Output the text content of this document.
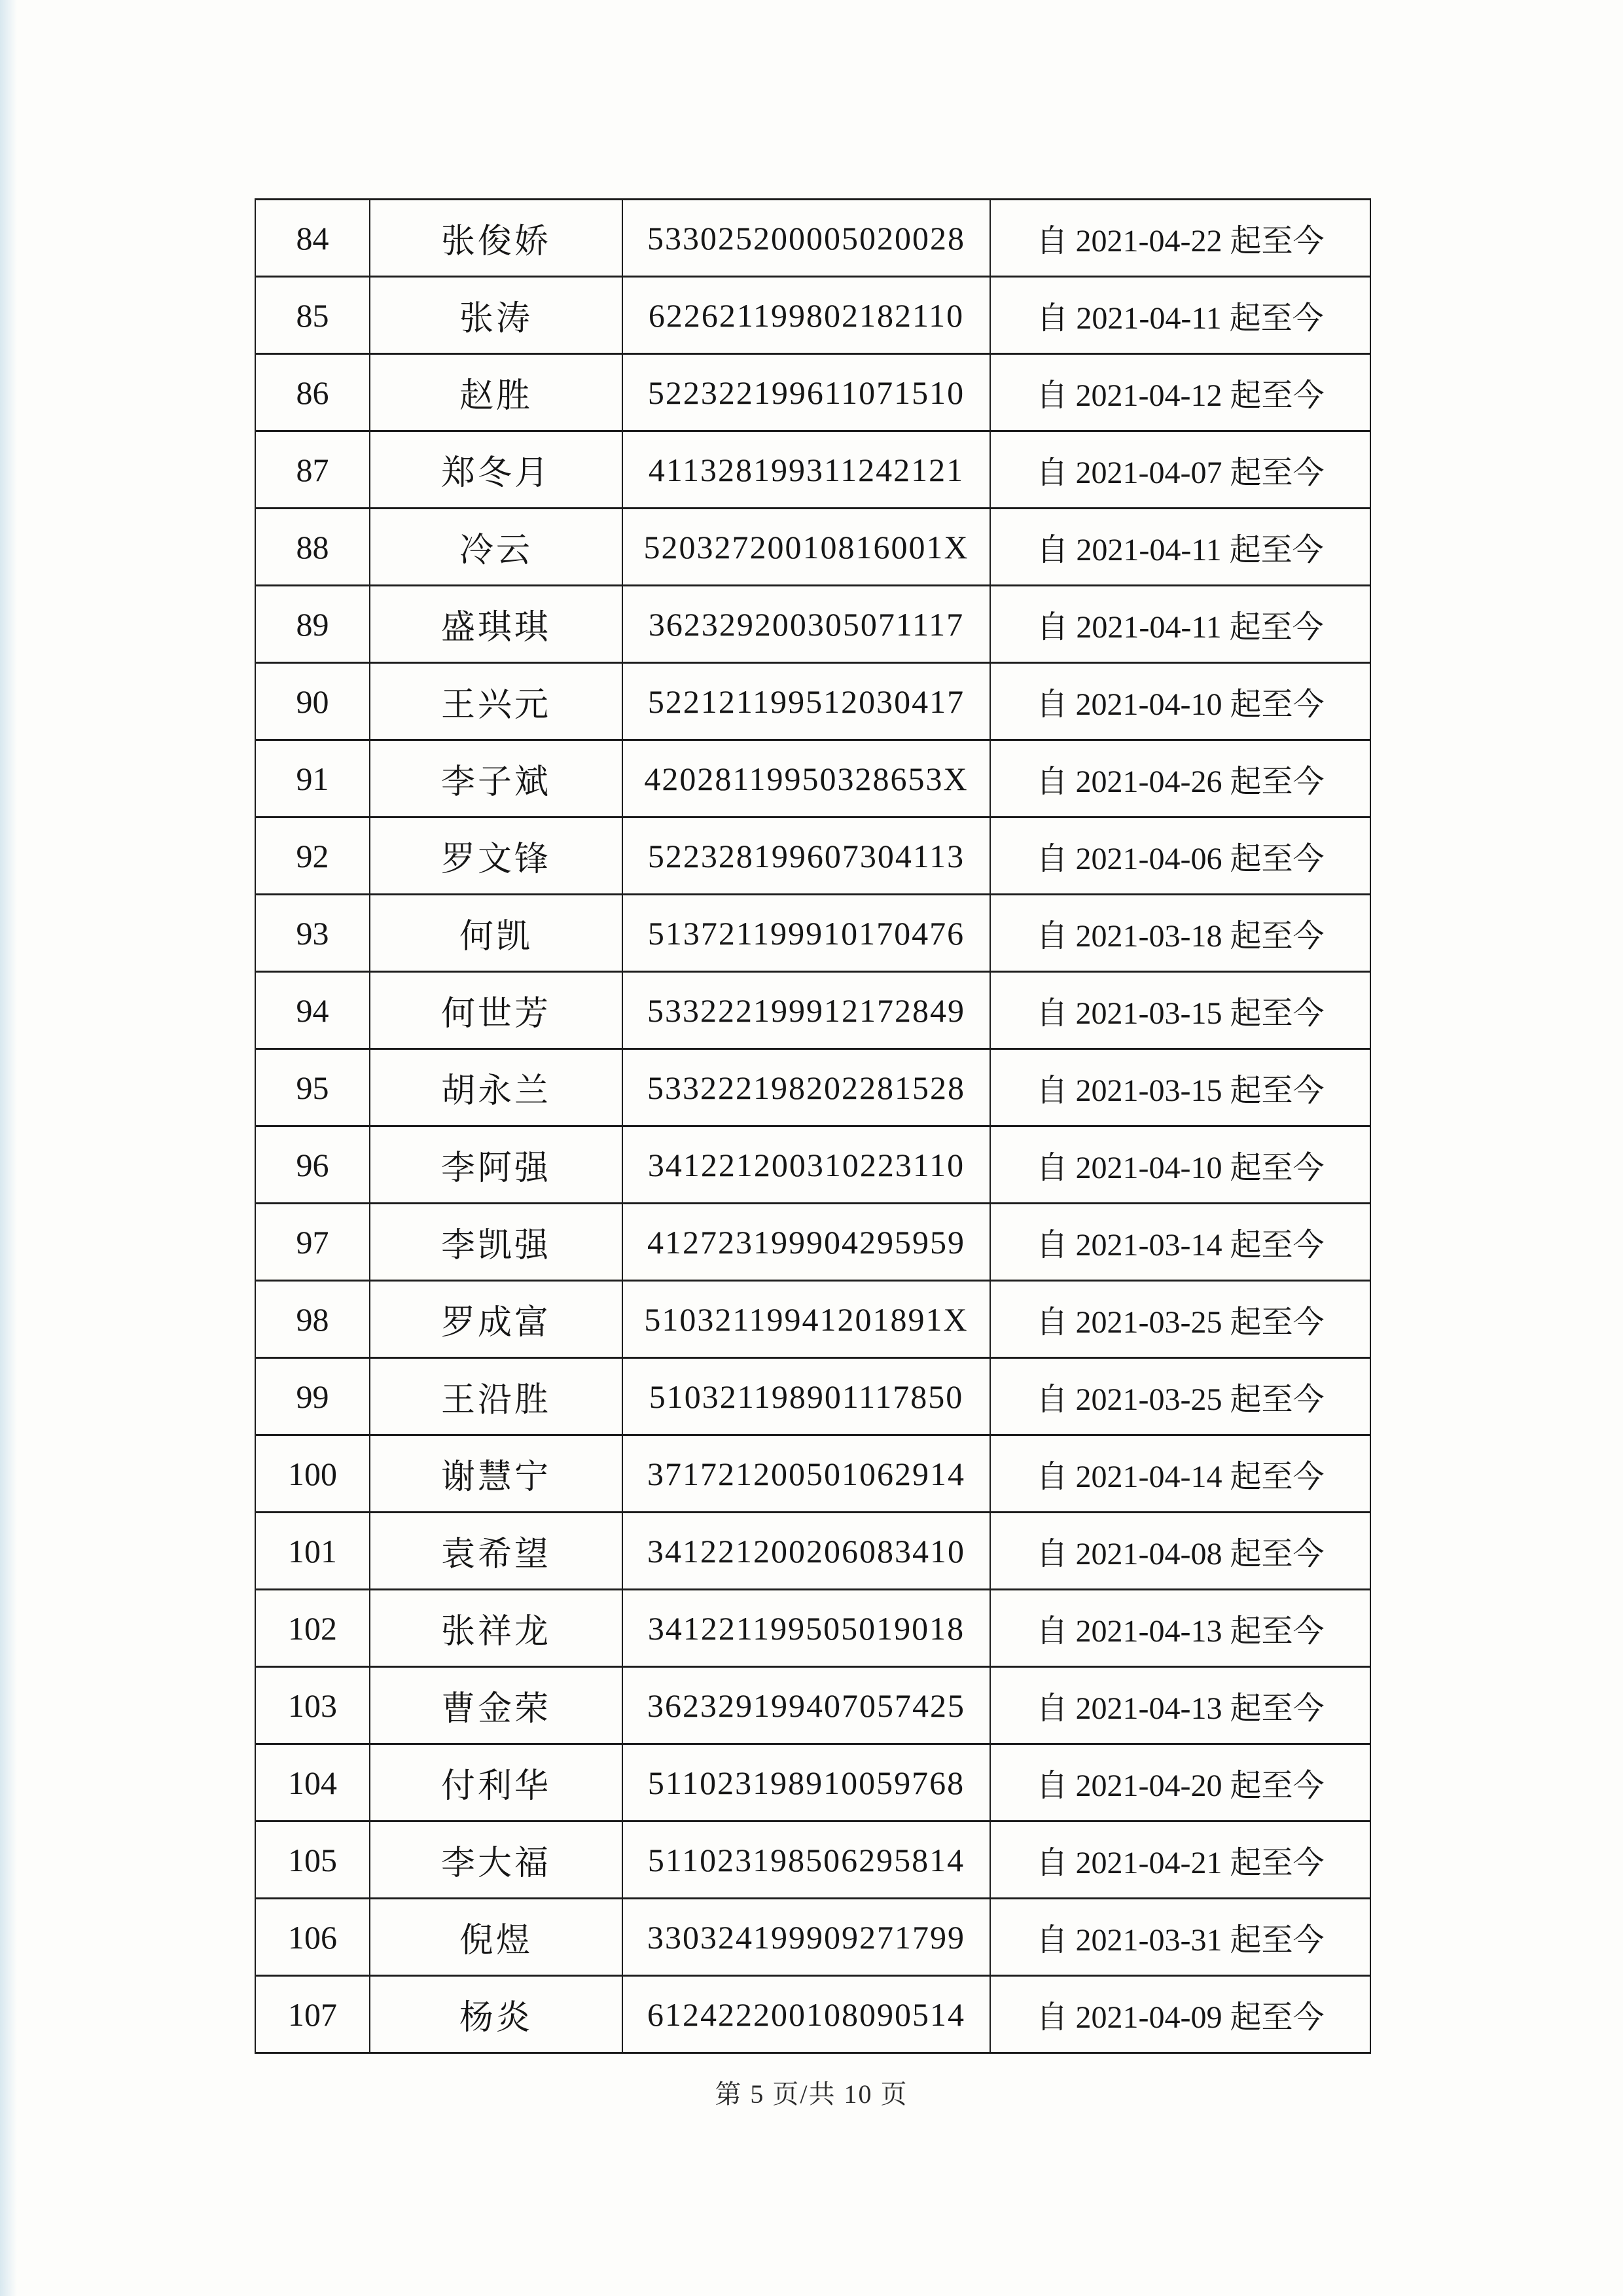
84	张俊娇	533025200005020028	自 2021-04-22 起至今
85	张涛	622621199802182110	自 2021-04-11 起至今
86	赵胜	522322199611071510	自 2021-04-12 起至今
87	郑冬月	411328199311242121	自 2021-04-07 起至今
88	冷云	52032720010816001X	自 2021-04-11 起至今
89	盛琪琪	362329200305071117	自 2021-04-11 起至今
90	王兴元	522121199512030417	自 2021-04-10 起至今
91	李子斌	42028119950328653X	自 2021-04-26 起至今
92	罗文锋	522328199607304113	自 2021-04-06 起至今
93	何凯	513721199910170476	自 2021-03-18 起至今
94	何世芳	533222199912172849	自 2021-03-15 起至今
95	胡永兰	533222198202281528	自 2021-03-15 起至今
96	李阿强	341221200310223110	自 2021-04-10 起至今
97	李凯强	412723199904295959	自 2021-03-14 起至今
98	罗成富	51032119941201891X	自 2021-03-25 起至今
99	王沿胜	510321198901117850	自 2021-03-25 起至今
100	谢慧宁	371721200501062914	自 2021-04-14 起至今
101	袁希望	341221200206083410	自 2021-04-08 起至今
102	张祥龙	341221199505019018	自 2021-04-13 起至今
103	曹金荣	362329199407057425	自 2021-04-13 起至今
104	付利华	511023198910059768	自 2021-04-20 起至今
105	李大福	511023198506295814	自 2021-04-21 起至今
106	倪煜	330324199909271799	自 2021-03-31 起至今
107	杨炎	612422200108090514	自 2021-04-09 起至今
第 5 页/共 10 页
